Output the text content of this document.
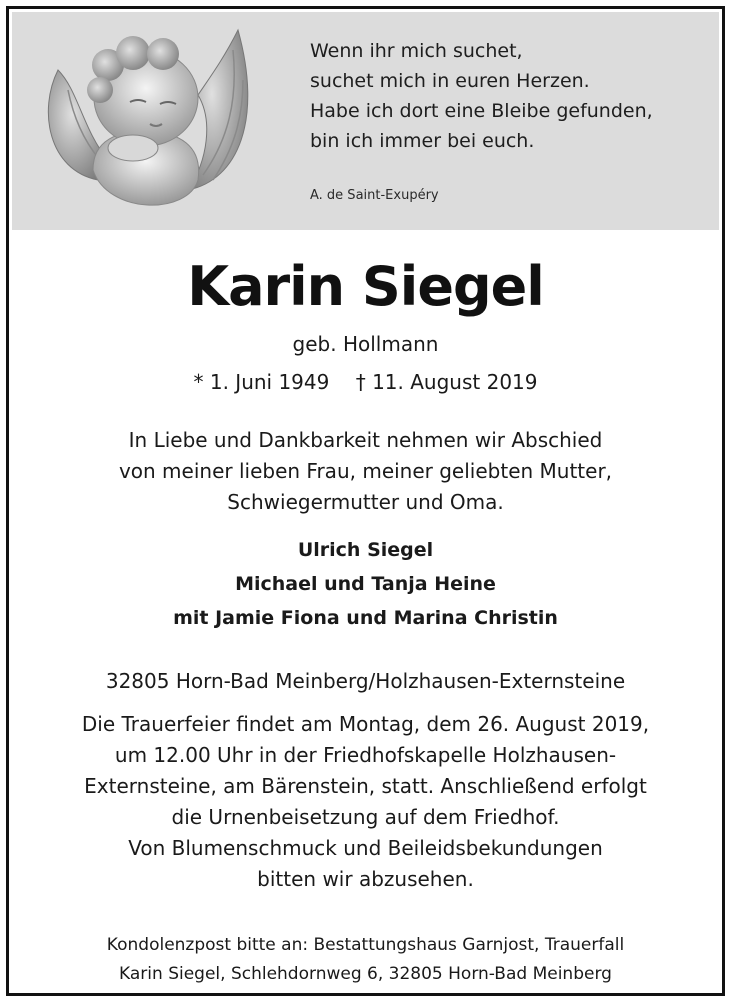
Wenn ihr mich suchet,
suchet mich in euren Herzen.
Habe ich dort eine Bleibe gefunden,
bin ich immer bei euch.
A. de Saint-Exupéry
Karin Siegel
geb. Hollmann
* 1. Juni 1949 † 11. August 2019
In Liebe und Dankbarkeit nehmen wir Abschied
von meiner lieben Frau, meiner geliebten Mutter,
Schwiegermutter und Oma.
Ulrich Siegel
Michael und Tanja Heine
mit Jamie Fiona und Marina Christin
32805 Horn-Bad Meinberg/Holzhausen-Externsteine
Die Trauerfeier findet am Montag, dem 26. August 2019,
um 12.00 Uhr in der Friedhofskapelle Holzhausen-
Externsteine, am Bärenstein, statt. Anschließend erfolgt
die Urnenbeisetzung auf dem Friedhof.
Von Blumenschmuck und Beileidsbekundungen
bitten wir abzusehen.
Kondolenzpost bitte an: Bestattungshaus Garnjost, Trauerfall
Karin Siegel, Schlehdornweg 6, 32805 Horn-Bad Meinberg
